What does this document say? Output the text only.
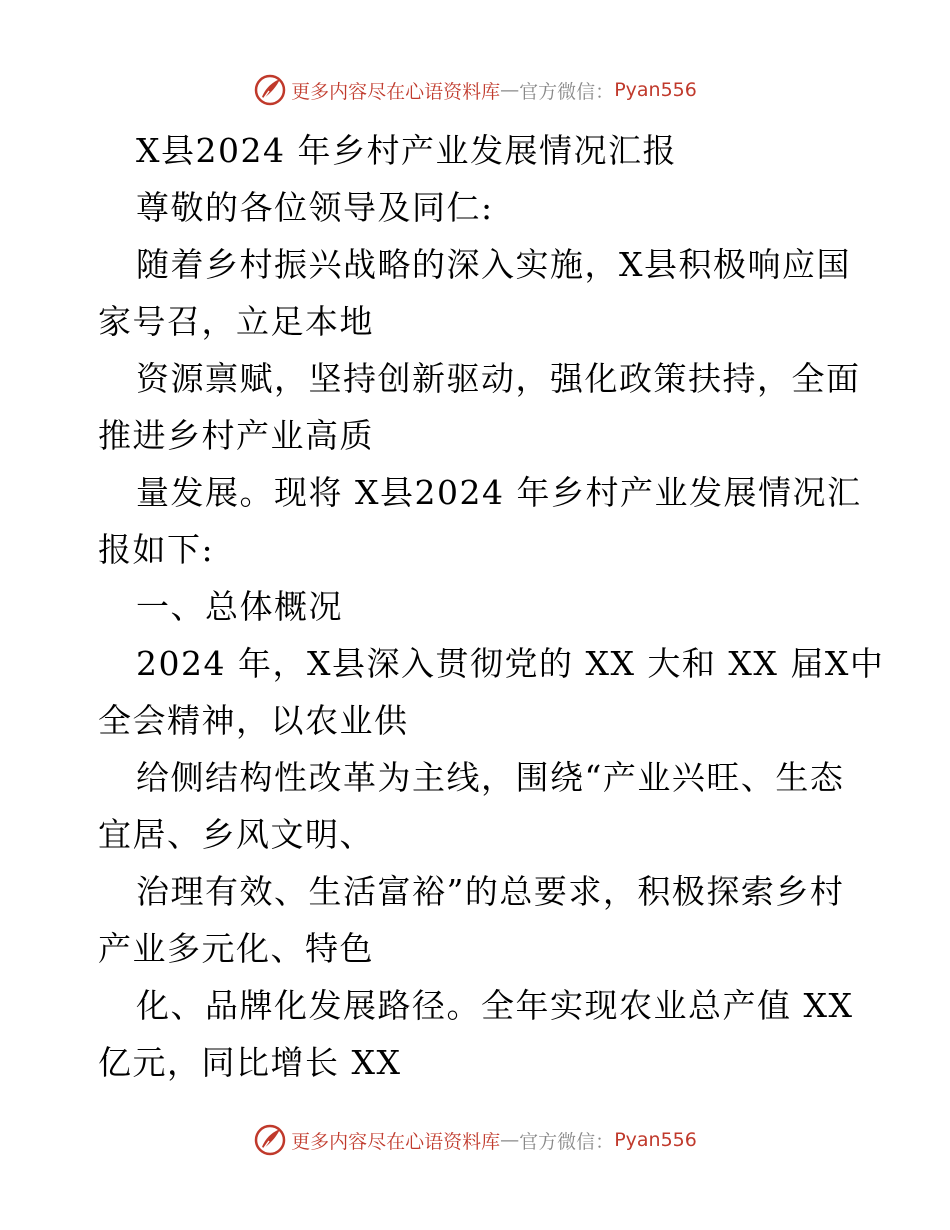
更多内容尽在心语资料库 — 官方微信： Pyan556
X县2024 年乡村产业发展情况汇报
尊敬的各位领导及同仁:
随着乡村振兴战略的深入实施，X县积极响应国
家号召，立足本地
资源禀赋，坚持创新驱动，强化政策扶持，全面
推进乡村产业高质
量发展。现将 X县2024 年乡村产业发展情况汇
报如下:
一、总体概况
2024 年，X县深入贯彻党的 XX 大和 XX 届X中
全会精神，以农业供
给侧结构性改革为主线，围绕“产业兴旺、生态
宜居、乡风文明、
治理有效、生活富裕”的总要求，积极探索乡村
产业多元化、特色
化、品牌化发展路径。全年实现农业总产值 XX
亿元，同比增长 XX
更多内容尽在心语资料库 — 官方微信： Pyan556
